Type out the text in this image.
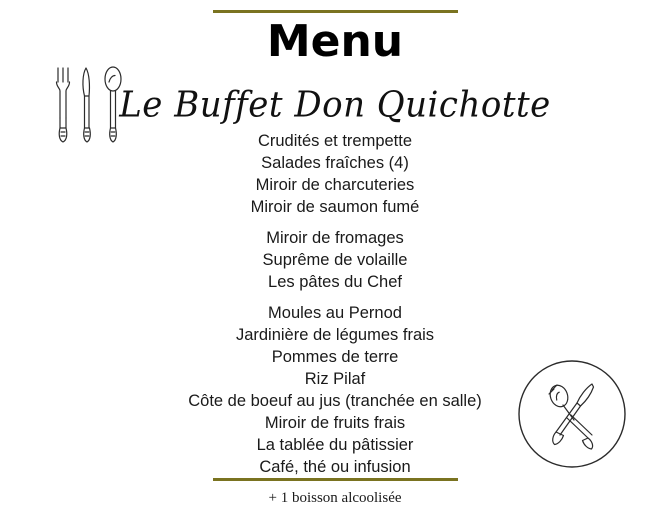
Menu
Le Buffet Don Quichotte
Crudités et trempette
Salades fraîches (4)
Miroir de charcuteries
Miroir de saumon fumé
Miroir de fromages
Suprême de volaille
Les pâtes du Chef
Moules au Pernod
Jardinière de légumes frais
Pommes de terre
Riz Pilaf
Côte de boeuf au jus (tranchée en salle)
Miroir de fruits frais
La tablée du pâtissier
Café, thé ou infusion
+ 1 boisson alcoolisée
